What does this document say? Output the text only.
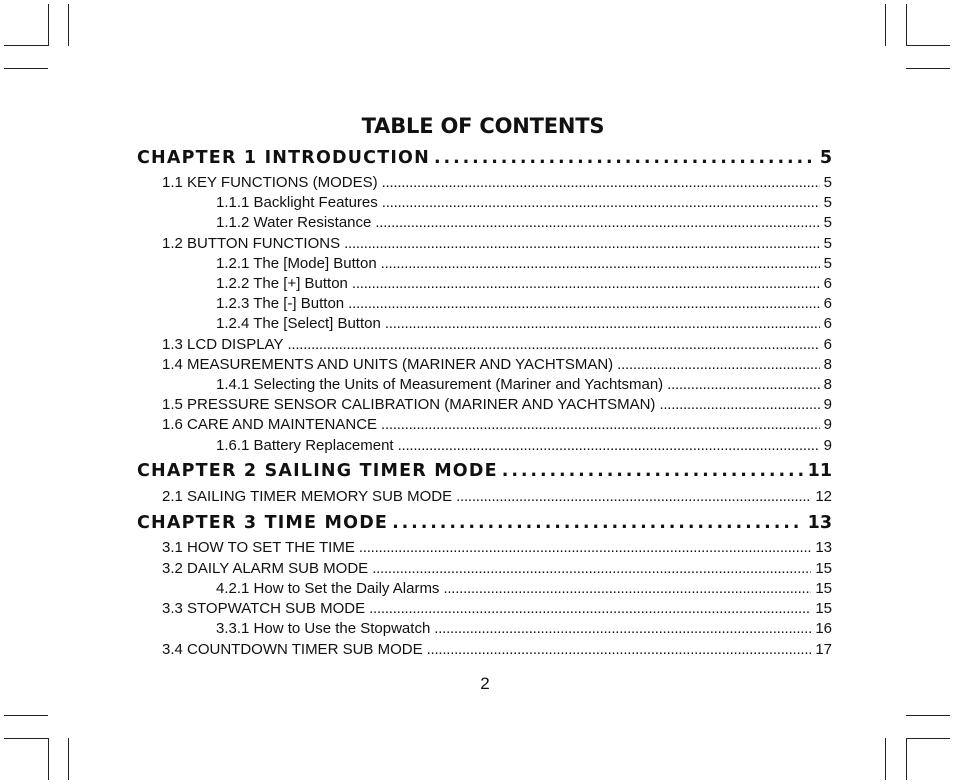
TABLE OF CONTENTS
CHAPTER 1 INTRODUCTION . . .	5
1.1 KEY FUNCTIONS (MODES) . . .	5
1.1.1 Backlight Features . . .	5
1.1.2 Water Resistance . . .	5
1.2 BUTTON FUNCTIONS . . .	5
1.2.1 The [Mode] Button . . .	5
1.2.2 The [+] Button . . .	6
1.2.3 The [-] Button . . .	6
1.2.4 The [Select] Button . . .	6
1.3 LCD DISPLAY . . .	6
1.4 MEASUREMENTS AND UNITS (MARINER AND YACHTSMAN) . . .	8
1.4.1 Selecting the Units of Measurement (Mariner and Yachtsman) . . .	8
1.5 PRESSURE SENSOR CALIBRATION (MARINER AND YACHTSMAN) . . .	9
1.6 CARE AND MAINTENANCE . . .	9
1.6.1 Battery Replacement . . .	9
CHAPTER 2 SAILING TIMER MODE . . .	11
2.1 SAILING TIMER MEMORY SUB MODE . . .	12
CHAPTER 3 TIME MODE . . .	13
3.1 HOW TO SET THE TIME . . .	13
3.2 DAILY ALARM SUB MODE . . .	15
4.2.1 How to Set the Daily Alarms . . .	15
3.3 STOPWATCH SUB MODE . . .	15
3.3.1 How to Use the Stopwatch . . .	16
3.4 COUNTDOWN TIMER SUB MODE . . .	17
2
